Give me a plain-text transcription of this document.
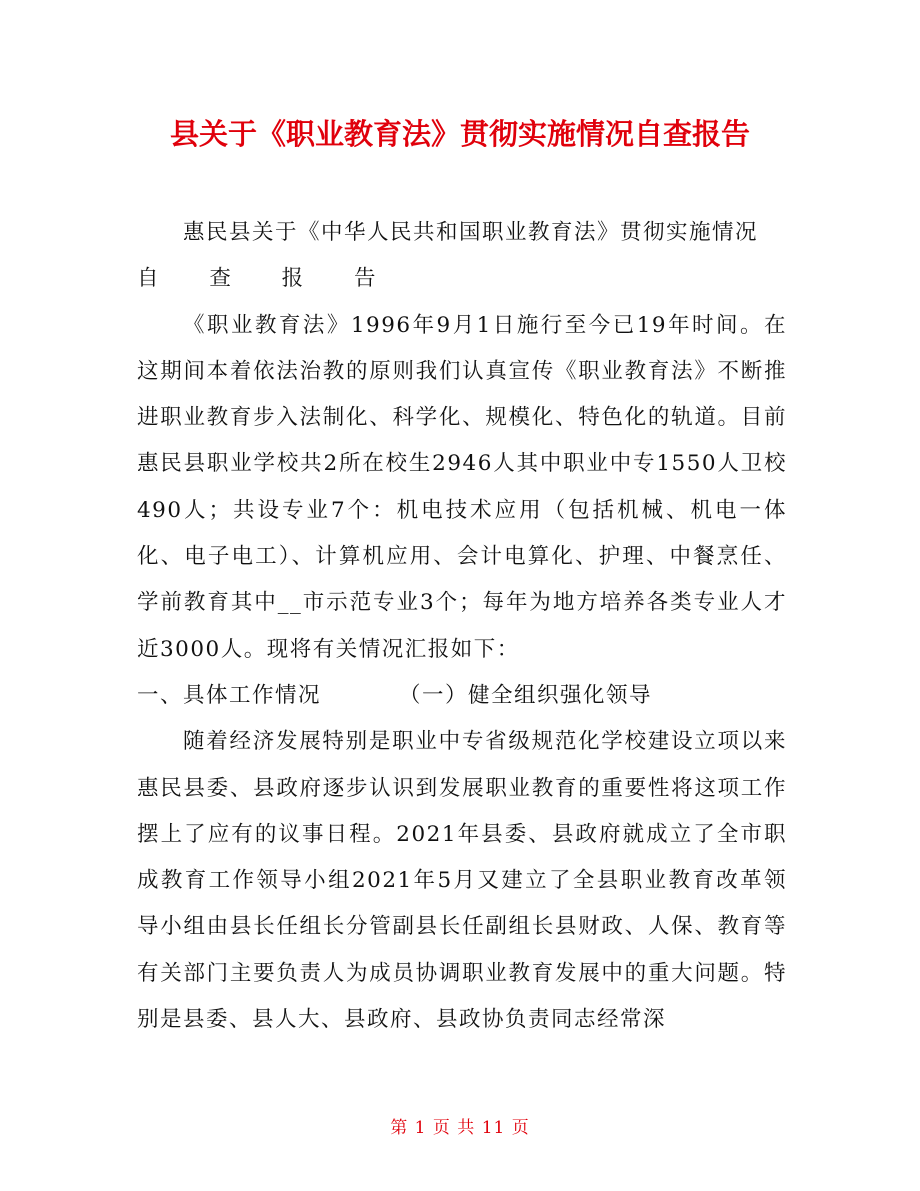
县关于《职业教育法》贯彻实施情况自查报告

惠民县关于《中华人民共和国职业教育法》贯彻实施情况

自 查 报 告

《职业教育法》1996年9月1日施行至今已19年时间。在这期间本着依法治教的原则我们认真宣传《职业教育法》不断推进职业教育步入法制化、科学化、规模化、特色化的轨道。目前惠民县职业学校共2所在校生2946人其中职业中专1550人卫校490人；共设专业7个：机电技术应用（包括机械、机电一体化、电子电工）、计算机应用、会计电算化、护理、中餐烹任、学前教育其中__市示范专业3个；每年为地方培养各类专业人才近3000人。现将有关情况汇报如下：

一、具体工作情况	（一）健全组织强化领导

随着经济发展特别是职业中专省级规范化学校建设立项以来惠民县委、县政府逐步认识到发展职业教育的重要性将这项工作摆上了应有的议事日程。2021年县委、县政府就成立了全市职成教育工作领导小组2021年5月又建立了全县职业教育改革领导小组由县长任组长分管副县长任副组长县财政、人保、教育等有关部门主要负责人为成员协调职业教育发展中的重大问题。特别是县委、县人大、县政府、县政协负责同志经常深

第 1 页 共 11 页
